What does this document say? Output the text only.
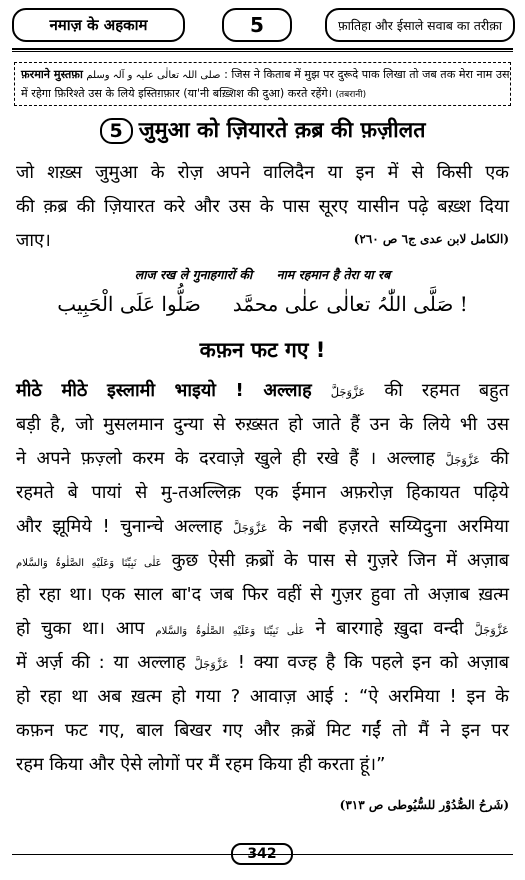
नमाज़ के अहकाम	5	फ़ातिहा और ईसाले सवाब का तरीक़ा
फ़रमाने मुस्तफ़ा صلی اللہ تعالٰی علیہ و آلہ وسلم : जिस ने किताब में मुझ पर दुरूदे पाक लिखा तो जब तक मेरा नाम उस
में रहेगा फ़िरिश्ते उस के लिये इस्तिग़फ़ार (या'नी बख़्शिश की दुआ) करते रहेंगे। (तबरानी)
5 जुमुआ को ज़ियारते क़ब्र की फ़ज़ीलत
जो शख़्स जुमुआ के रोज़ अपने वालिदैन या इन में से किसी एक
की क़ब्र की ज़ियारत करे और उस के पास सूरए यासीन पढ़े बख़्श दिया
जाए।	(الکامل لابن عدی ج٦ ص ٢٦٠)
लाज रख ले गुनाहगारों की नाम रहमान है तेरा या रब
صَلَّی اللّٰہُ تعالٰی علٰی محمَّد     صَلُّوا عَلَی الْحَبِیب !
कफ़न फट गए !
मीठे मीठे इस्लामी भाइयो ! अल्लाह عَزَّوَجَلَّ की रहमत बहुत
बड़ी है, जो मुसलमान दुन्या से रुख़्सत हो जाते हैं उन के लिये भी उस
ने अपने फ़ज़्लो करम के दरवाज़े खुले ही रखे हैं । अल्लाह عَزَّوَجَلَّ की
रहमते बे पायां से मु-तअल्लिक़ एक ईमान अफ़रोज़ हिकायत पढ़िये
और झूमिये ! चुनान्चे अल्लाह عَزَّوَجَلَّ के नबी हज़रते सय्यिदुना अरमिया
عَلٰی نَبِیِّنَا وَعَلَیْهِ الصَّلٰوۃُ وَالسَّلام कुछ ऐसी क़ब्रों के पास से गुज़रे जिन में अज़ाब
हो रहा था। एक साल बा'द जब फिर वहीं से गुज़र हुवा तो अज़ाब ख़त्म
हो चुका था। आप عَلٰی نَبِیِّنَا وَعَلَیْهِ الصَّلٰوۃُ وَالسَّلام ने बारगाहे ख़ुदा वन्दी عَزَّوَجَلَّ
में अर्ज़ की : या अल्लाह عَزَّوَجَلَّ ! क्या वज्ह है कि पहले इन को अज़ाब
हो रहा था अब ख़त्म हो गया ? आवाज़ आई : “ऐ अरमिया ! इन के
कफ़न फट गए, बाल बिखर गए और क़ब्रें मिट गईं तो मैं ने इन पर
रहम किया और ऐसे लोगों पर मैं रहम किया ही करता हूं।”
(شَرحُ الصُّدُوْر للسُّیُوطی ص ٣١٣)
342
